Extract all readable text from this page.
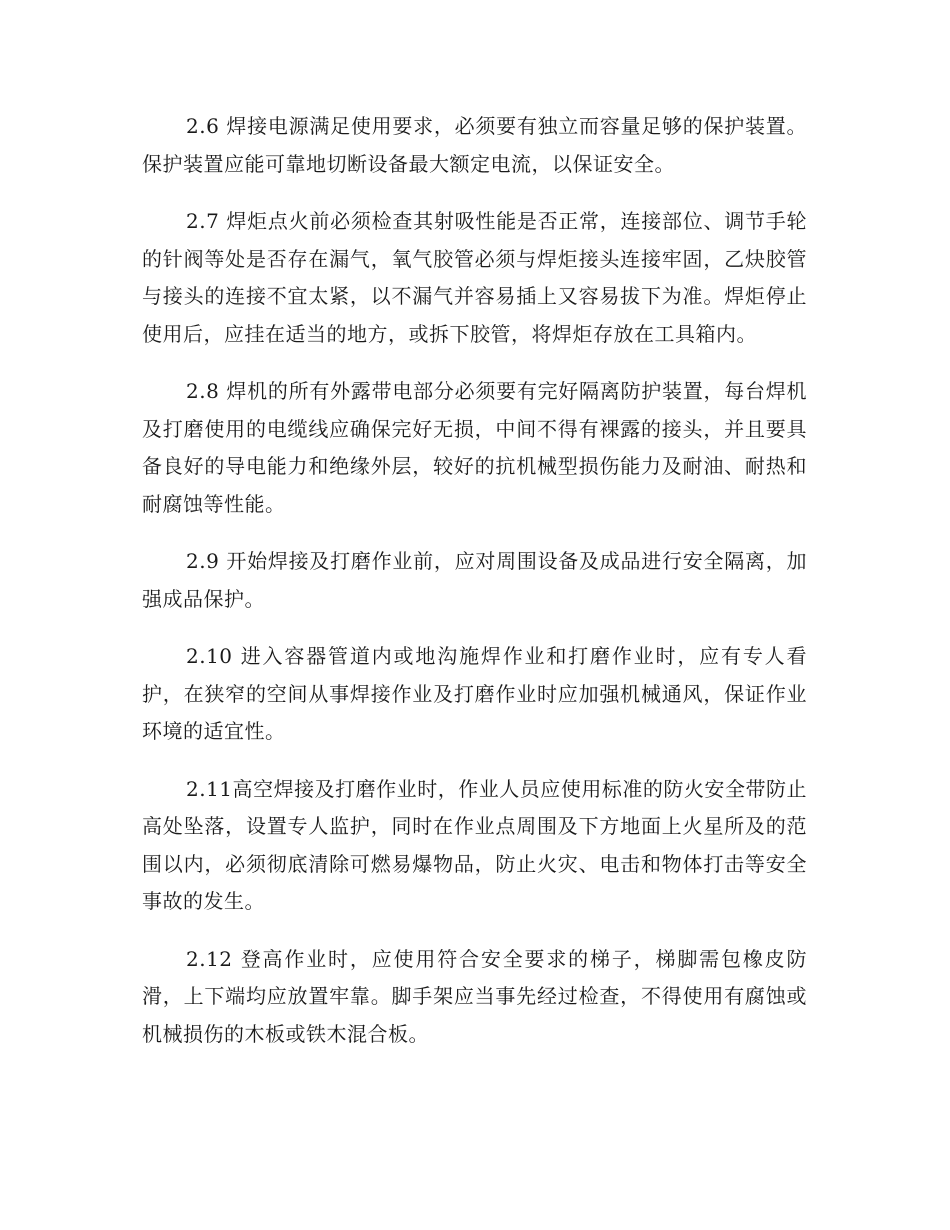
2.6 焊接电源满足使用要求，必须要有独立而容量足够的保护装置。保护装置应能可靠地切断设备最大额定电流，以保证安全。

2.7 焊炬点火前必须检查其射吸性能是否正常，连接部位、调节手轮的针阀等处是否存在漏气，氧气胶管必须与焊炬接头连接牢固，乙炔胶管与接头的连接不宜太紧，以不漏气并容易插上又容易拔下为准。焊炬停止使用后，应挂在适当的地方，或拆下胶管，将焊炬存放在工具箱内。

2.8 焊机的所有外露带电部分必须要有完好隔离防护装置，每台焊机及打磨使用的电缆线应确保完好无损，中间不得有裸露的接头，并且要具备良好的导电能力和绝缘外层，较好的抗机械型损伤能力及耐油、耐热和耐腐蚀等性能。

2.9 开始焊接及打磨作业前，应对周围设备及成品进行安全隔离，加强成品保护。

2.10 进入容器管道内或地沟施焊作业和打磨作业时，应有专人看护，在狭窄的空间从事焊接作业及打磨作业时应加强机械通风，保证作业环境的适宜性。

2.11高空焊接及打磨作业时，作业人员应使用标准的防火安全带防止高处坠落，设置专人监护，同时在作业点周围及下方地面上火星所及的范围以内，必须彻底清除可燃易爆物品，防止火灾、电击和物体打击等安全事故的发生。

2.12 登高作业时，应使用符合安全要求的梯子，梯脚需包橡皮防滑，上下端均应放置牢靠。脚手架应当事先经过检查，不得使用有腐蚀或机械损伤的木板或铁木混合板。
